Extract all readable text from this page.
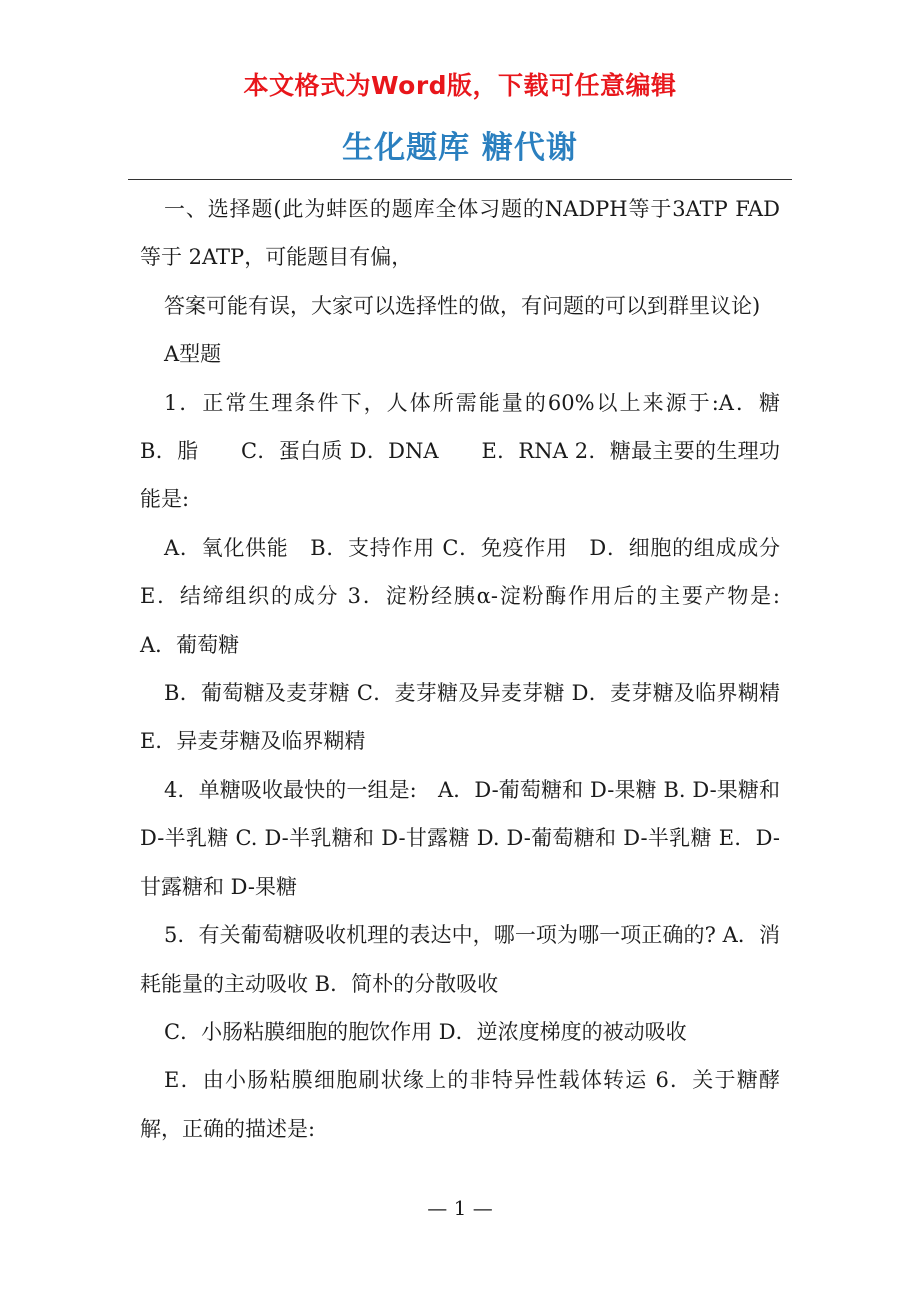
本文格式为Word版，下载可任意编辑
生化题库 糖代谢

一、选择题(此为蚌医的题库全体习题的NADPH等于3ATP FAD 等于 2ATP，可能题目有偏，

答案可能有误，大家可以选择性的做，有问题的可以到群里议论)

A型题

1．正常生理条件下，人体所需能量的60%以上来源于:A．糖　　B．脂　　C．蛋白质 D．DNA　　E．RNA 2．糖最主要的生理功能是:

A．氧化供能　B．支持作用 C．免疫作用　D．细胞的组成成分　E．结缔组织的成分 3．淀粉经胰α-淀粉酶作用后的主要产物是:　A．葡萄糖

B．葡萄糖及麦芽糖 C．麦芽糖及异麦芽糖 D．麦芽糖及临界糊精 E．异麦芽糖及临界糊精

4．单糖吸收最快的一组是:　A．D-葡萄糖和 D-果糖 B. D-果糖和 D-半乳糖 C. D-半乳糖和 D-甘露糖 D. D-葡萄糖和 D-半乳糖 E．D-甘露糖和 D-果糖

5．有关葡萄糖吸收机理的表达中，哪一项为哪一项正确的? A．消耗能量的主动吸收 B．简朴的分散吸收

C．小肠粘膜细胞的胞饮作用 D．逆浓度梯度的被动吸收

E．由小肠粘膜细胞刷状缘上的非特异性载体转运 6．关于糖酵解，正确的描述是:

— 1 —
